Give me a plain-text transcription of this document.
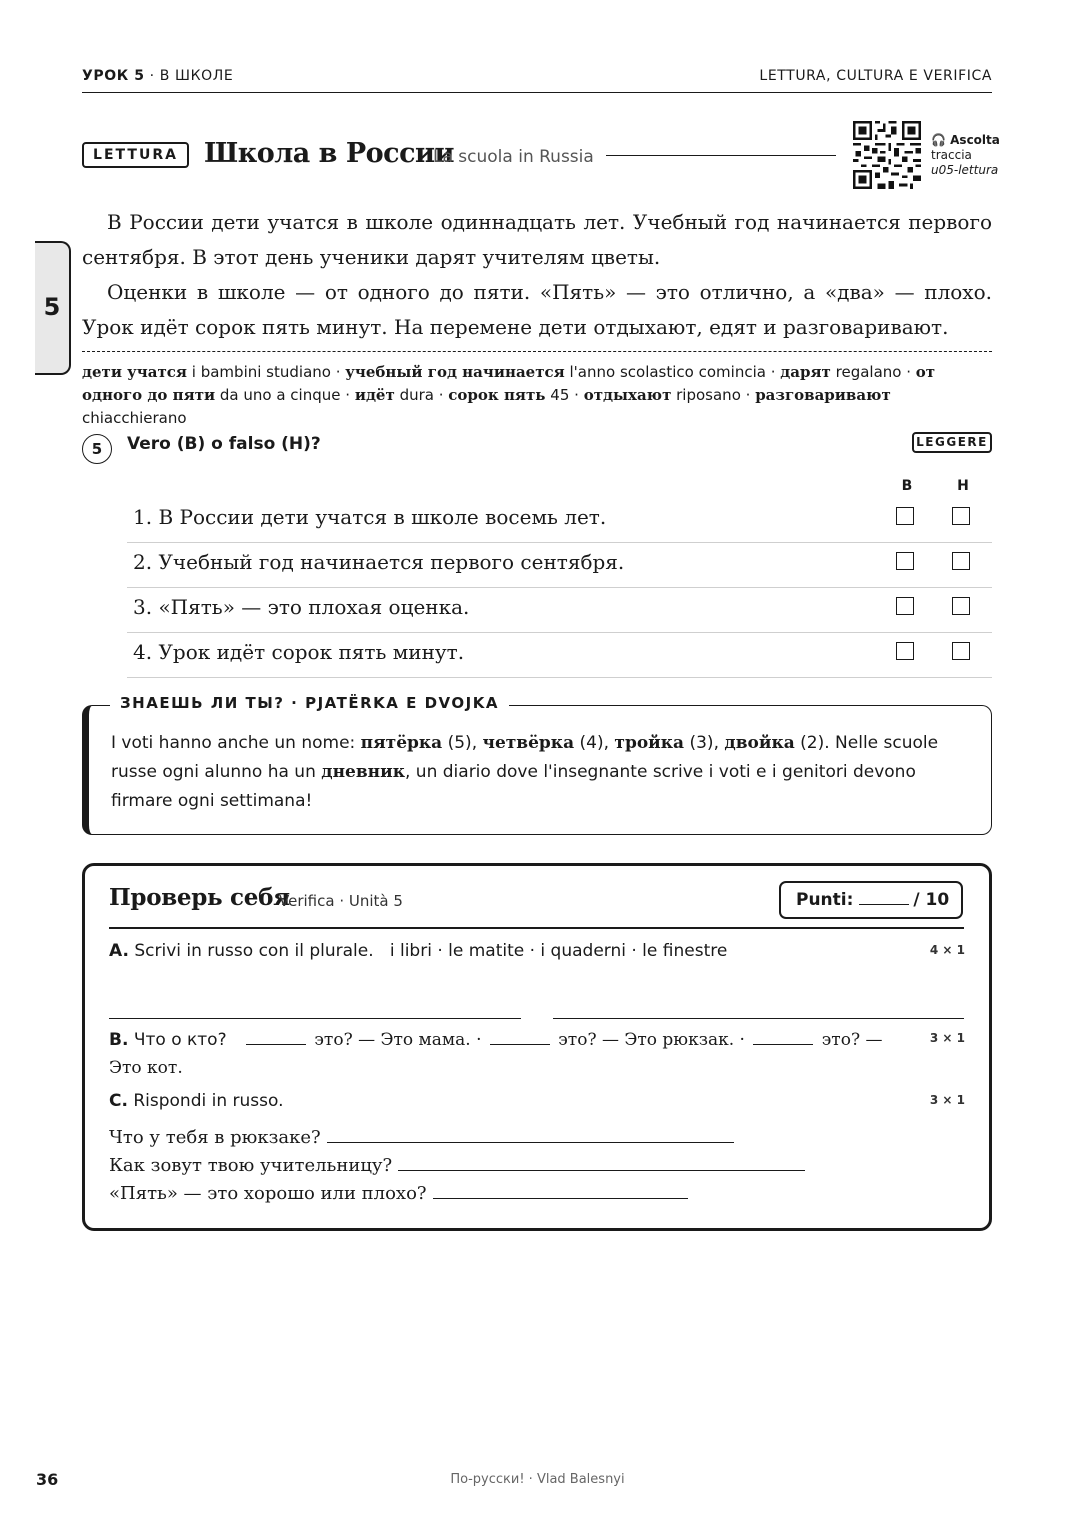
УРОК 5 · В ШКОЛЕ	LETTURA, CULTURA E VERIFICA
5
LETTURA Школа в России
La scuola in Russia
🎧 Ascolta
traccia
u05-lettura

В России дети учатся в школе одиннадцать лет. Учебный год начинается первого сентября. В этот день ученики дарят учителям цветы.

Оценки в школе — от одного до пяти. «Пять» — это отлично, а «два» — плохо. Урок идёт сорок пять минут. На перемене дети отдыхают, едят и разговаривают.

дети учатся i bambini studiano · учебный год начинается l'anno scolastico comincia · дарят regalano · от одного до пяти da uno a cinque · идёт dura · сорок пять 45 · отдыхают riposano · разговаривают chiacchierano
5	Vero (В) o falso (Н)?	LEGGERE
В	Н
1. В России дети учатся в школе восемь лет.
2. Учебный год начинается первого сентября.
3. «Пять» — это плохая оценка.
4. Урок идёт сорок пять минут.
ЗНАЕШЬ ЛИ ТЫ? · PJATËRKA E DVOJKA
I voti hanno anche un nome: пятёрка (5), четвёрка (4), тройка (3), двойка (2). Nelle scuole russe ogni alunno ha un дневник, un diario dove l'insegnante scrive i voti e i genitori devono firmare ogni settimana!
Проверь себя
Verifica · Unità 5	Punti:	/ 10
A. Scrivi in russo con il plurale. i libri · le matite · i quaderni · le finestre	4 × 1
B. Что о кто?	это? — Это мама. ·	это? — Это рюкзак. ·	это? — Это кот.
3 × 1
C. Rispondi in russo.	3 × 1
Что у тебя в рюкзаке?
Как зовут твою учительницу?
«Пять» — это хорошо или плохо?
36	По-русски! · Vlad Balesnyi
